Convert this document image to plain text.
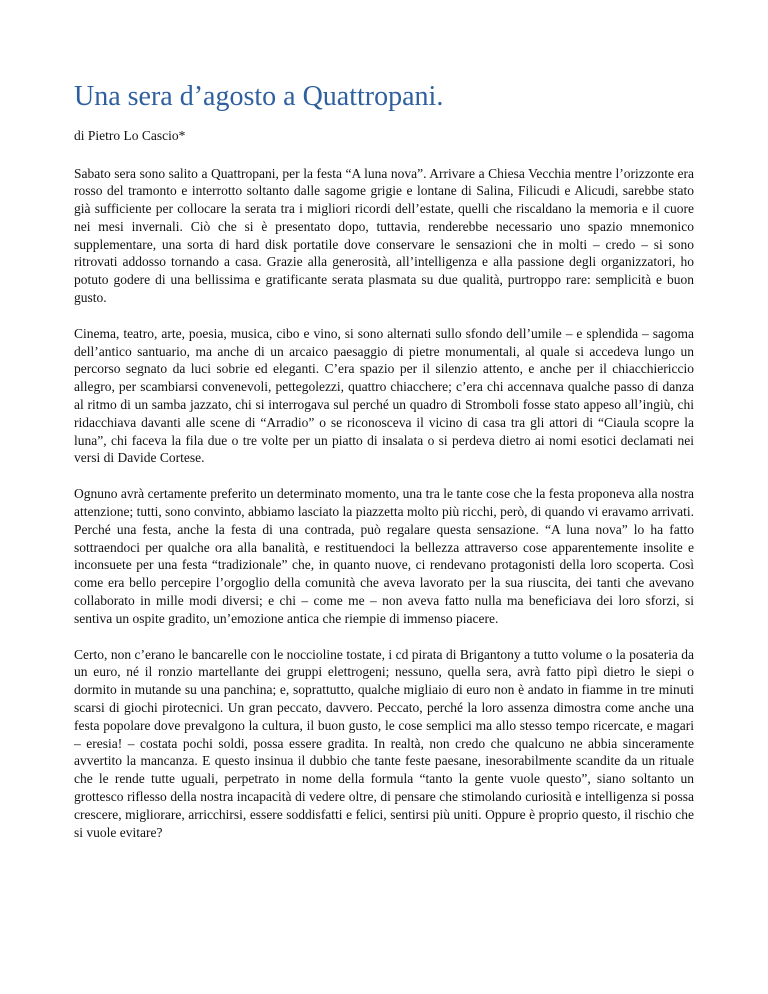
Una sera d’agosto a Quattropani.

di Pietro Lo Cascio*

Sabato sera sono salito a Quattropani, per la festa “A luna nova”. Arrivare a Chiesa Vecchia mentre l’orizzonte era rosso del tramonto e interrotto soltanto dalle sagome grigie e lontane di Salina, Filicudi e Alicudi, sarebbe stato già sufficiente per collocare la serata tra i migliori ricordi dell’estate, quelli che riscaldano la memoria e il cuore nei mesi invernali. Ciò che si è presentato dopo, tuttavia, renderebbe necessario uno spazio mnemonico supplementare, una sorta di hard disk portatile dove conservare le sensazioni che in molti – credo – si sono ritrovati addosso tornando a casa. Grazie alla generosità, all’intelligenza e alla passione degli organizzatori, ho potuto godere di una bellissima e gratificante serata plasmata su due qualità, purtroppo rare: semplicità e buon gusto.

Cinema, teatro, arte, poesia, musica, cibo e vino, si sono alternati sullo sfondo dell’umile – e splendida – sagoma dell’antico santuario, ma anche di un arcaico paesaggio di pietre monumentali, al quale si accedeva lungo un percorso segnato da luci sobrie ed eleganti. C’era spazio per il silenzio attento, e anche per il chiacchiericcio allegro, per scambiarsi convenevoli, pettegolezzi, quattro chiacchere; c’era chi accennava qualche passo di danza al ritmo di un samba jazzato, chi si interrogava sul perché un quadro di Stromboli fosse stato appeso all’ingiù, chi ridacchiava davanti alle scene di “Arradio” o se riconosceva il vicino di casa tra gli attori di “Ciaula scopre la luna”, chi faceva la fila due o tre volte per un piatto di insalata o si perdeva dietro ai nomi esotici declamati nei versi di Davide Cortese.

Ognuno avrà certamente preferito un determinato momento, una tra le tante cose che la festa proponeva alla nostra attenzione; tutti, sono convinto, abbiamo lasciato la piazzetta molto più ricchi, però, di quando vi eravamo arrivati. Perché una festa, anche la festa di una contrada, può regalare questa sensazione. “A luna nova” lo ha fatto sottraendoci per qualche ora alla banalità, e restituendoci la bellezza attraverso cose apparentemente insolite e inconsuete per una festa “tradizionale” che, in quanto nuove, ci rendevano protagonisti della loro scoperta. Così come era bello percepire l’orgoglio della comunità che aveva lavorato per la sua riuscita, dei tanti che avevano collaborato in mille modi diversi; e chi – come me – non aveva fatto nulla ma beneficiava dei loro sforzi, si sentiva un ospite gradito, un’emozione antica che riempie di immenso piacere.

Certo, non c’erano le bancarelle con le noccioline tostate, i cd pirata di Brigantony a tutto volume o la posateria da un euro, né il ronzio martellante dei gruppi elettrogeni; nessuno, quella sera, avrà fatto pipì dietro le siepi o dormito in mutande su una panchina; e, soprattutto, qualche migliaio di euro non è andato in fiamme in tre minuti scarsi di giochi pirotecnici. Un gran peccato, davvero. Peccato, perché la loro assenza dimostra come anche una festa popolare dove prevalgono la cultura, il buon gusto, le cose semplici ma allo stesso tempo ricercate, e magari – eresia! – costata pochi soldi, possa essere gradita. In realtà, non credo che qualcuno ne abbia sinceramente avvertito la mancanza. E questo insinua il dubbio che tante feste paesane, inesorabilmente scandite da un rituale che le rende tutte uguali, perpetrato in nome della formula “tanto la gente vuole questo”, siano soltanto un grottesco riflesso della nostra incapacità di vedere oltre, di pensare che stimolando curiosità e intelligenza si possa crescere, migliorare, arricchirsi, essere soddisfatti e felici, sentirsi più uniti. Oppure è proprio questo, il rischio che si vuole evitare?
